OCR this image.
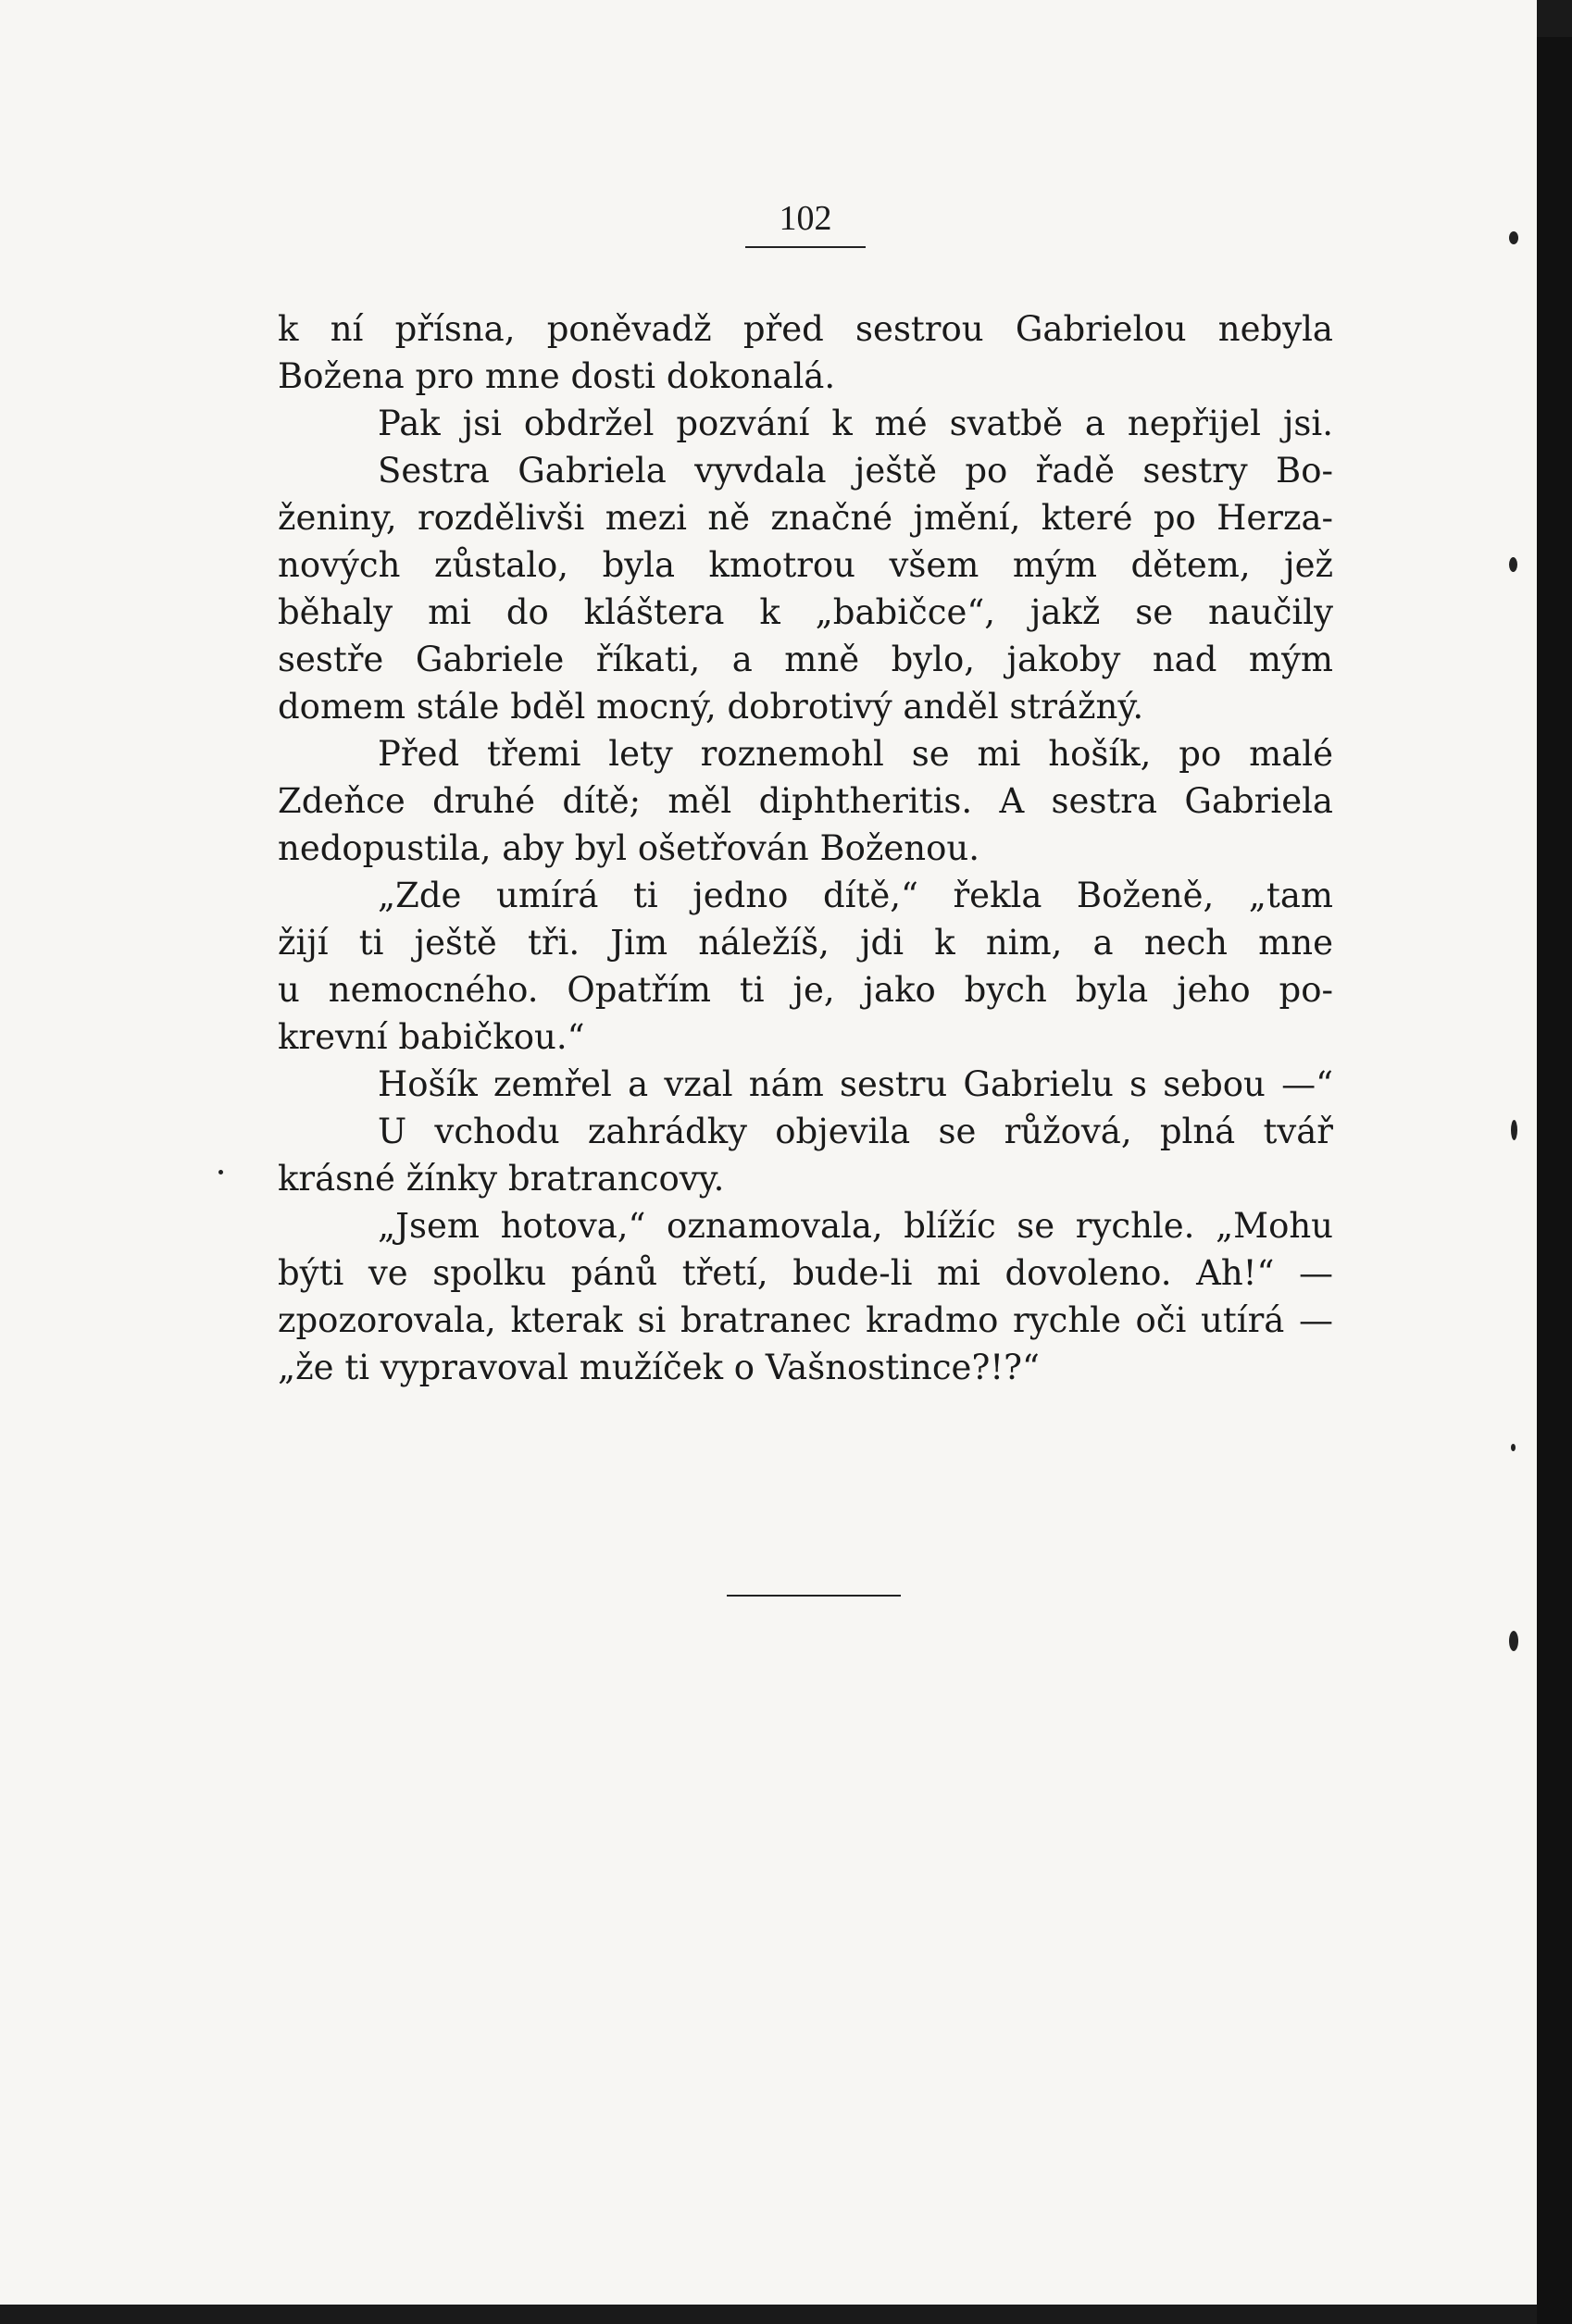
102
k ní přísna, poněvadž před sestrou Gabrielou nebyla
Božena pro mne dosti dokonalá.
Pak jsi obdržel pozvání k mé svatbě a nepřijel jsi.
Sestra Gabriela vyvdala ještě po řadě sestry Bo-
ženiny, rozdělivši mezi ně značné jmění, které po Herza-
nových zůstalo, byla kmotrou všem mým dětem, jež
běhaly mi do kláštera k „babičce“, jakž se naučily
sestře Gabriele říkati, a mně bylo, jakoby nad mým
domem stále bděl mocný, dobrotivý anděl strážný.
Před třemi lety roznemohl se mi hošík, po malé
Zdeňce druhé dítě; měl diphtheritis. A sestra Gabriela
nedopustila, aby byl ošetřován Boženou.
„Zde umírá ti jedno dítě,“ řekla Boženě, „tam
žijí ti ještě tři. Jim náležíš, jdi k nim, a nech mne
u nemocného. Opatřím ti je, jako bych byla jeho po-
krevní babičkou.“
Hošík zemřel a vzal nám sestru Gabrielu s sebou —“
U vchodu zahrádky objevila se růžová, plná tvář
krásné žínky bratrancovy.
„Jsem hotova,“ oznamovala, blížíc se rychle. „Mohu
býti ve spolku pánů třetí, bude-li mi dovoleno. Ah!“ —
zpozorovala, kterak si bratranec kradmo rychle oči utírá —
„že ti vypravoval mužíček o Vašnostince?!?“
